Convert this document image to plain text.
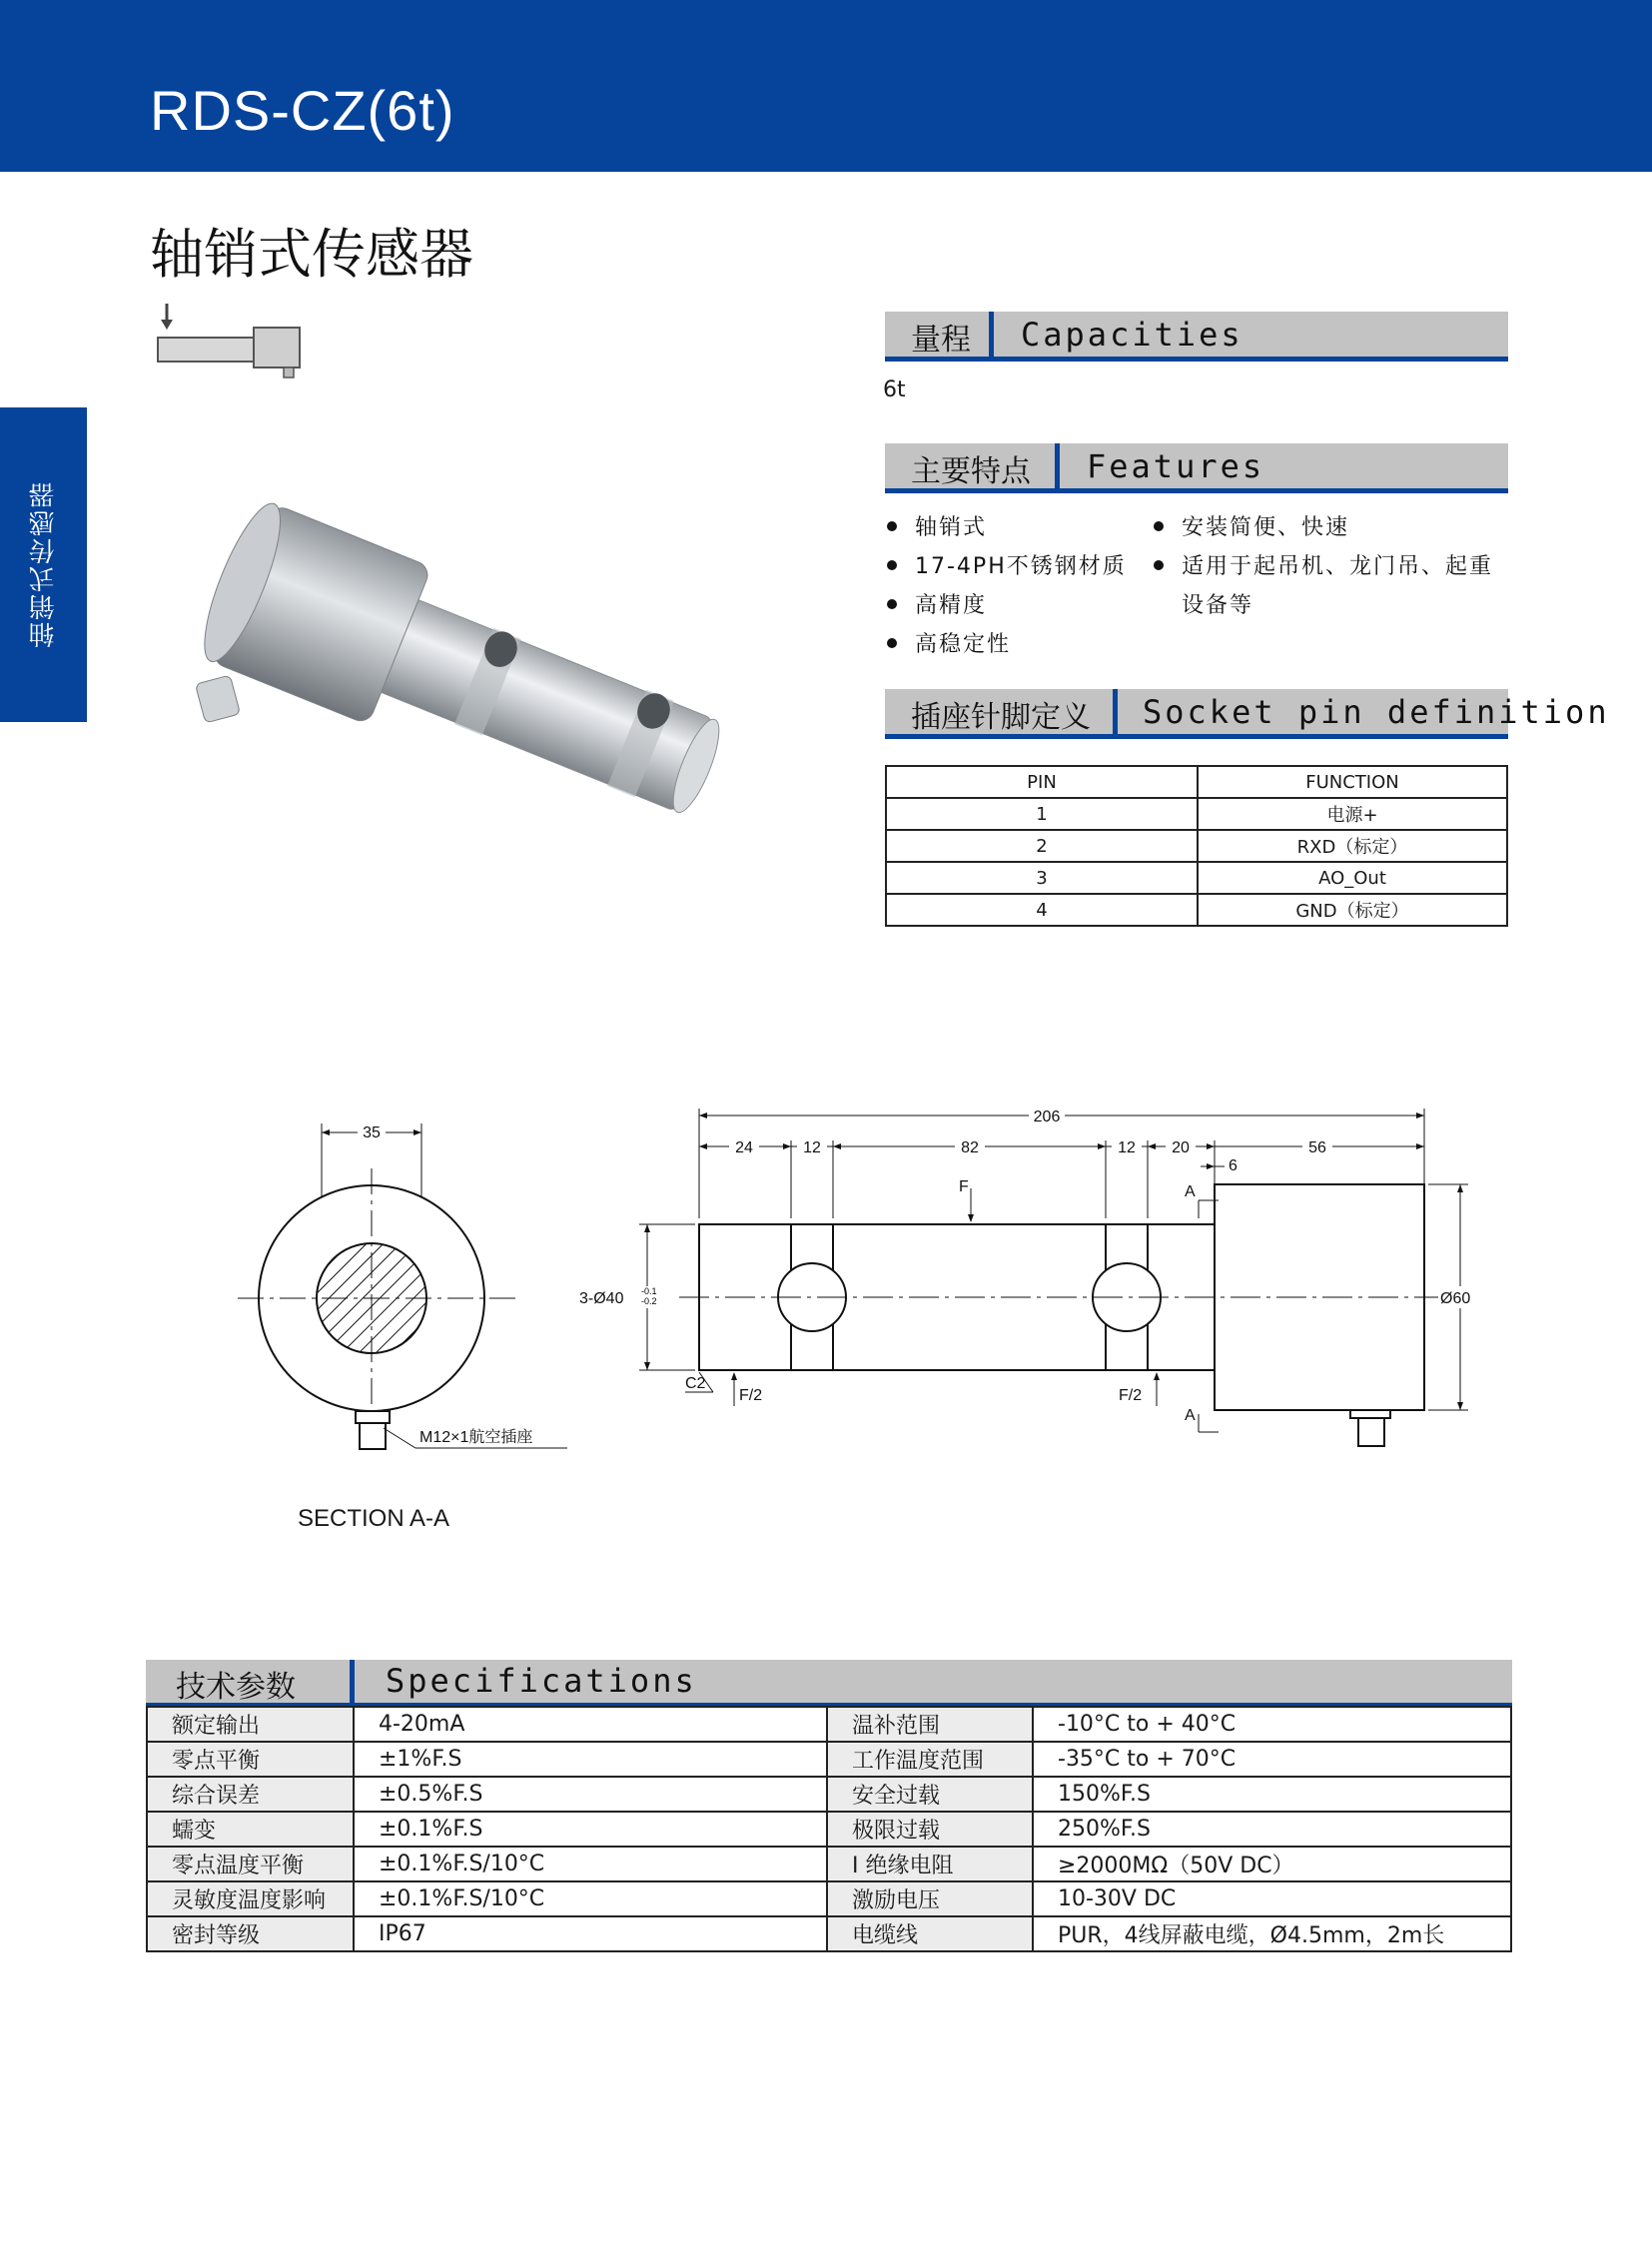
RDS-CZ(6t)
轴销式传感器
轴销式传感器
量程 Capacities
6t
主要特点 Features
轴销式
17-4PH不锈钢材质
高精度
高稳定性
安装简便、快速
适用于起吊机、龙门吊、起重
设备等
插座针脚定义 Socket pin definition
PIN	FUNCTION
1	电源+
2	RXD（标定）
3	AO_Out
4	GND（标定）
35
M12×1航空插座
SECTION A-A
206
24	12	82	12 20	56
6
3-Ø40 -0.1
-0.2	Ø60
F
F/2	F/2
C2
A
A
技术参数	Specifications
额定输出	4-20mA	温补范围	-10°C to + 40°C
零点平衡	±1%F.S	工作温度范围	-35°C to + 70°C
综合误差	±0.5%F.S	安全过载	150%F.S
蠕变	±0.1%F.S	极限过载	250%F.S
零点温度平衡	±0.1%F.S/10°C	Ⅰ 绝缘电阻	≥2000MΩ（50V DC）
灵敏度温度影响	±0.1%F.S/10°C	激励电压	10-30V DC
密封等级	IP67	电缆线	PUR，4线屏蔽电缆，Ø4.5mm，2m长
